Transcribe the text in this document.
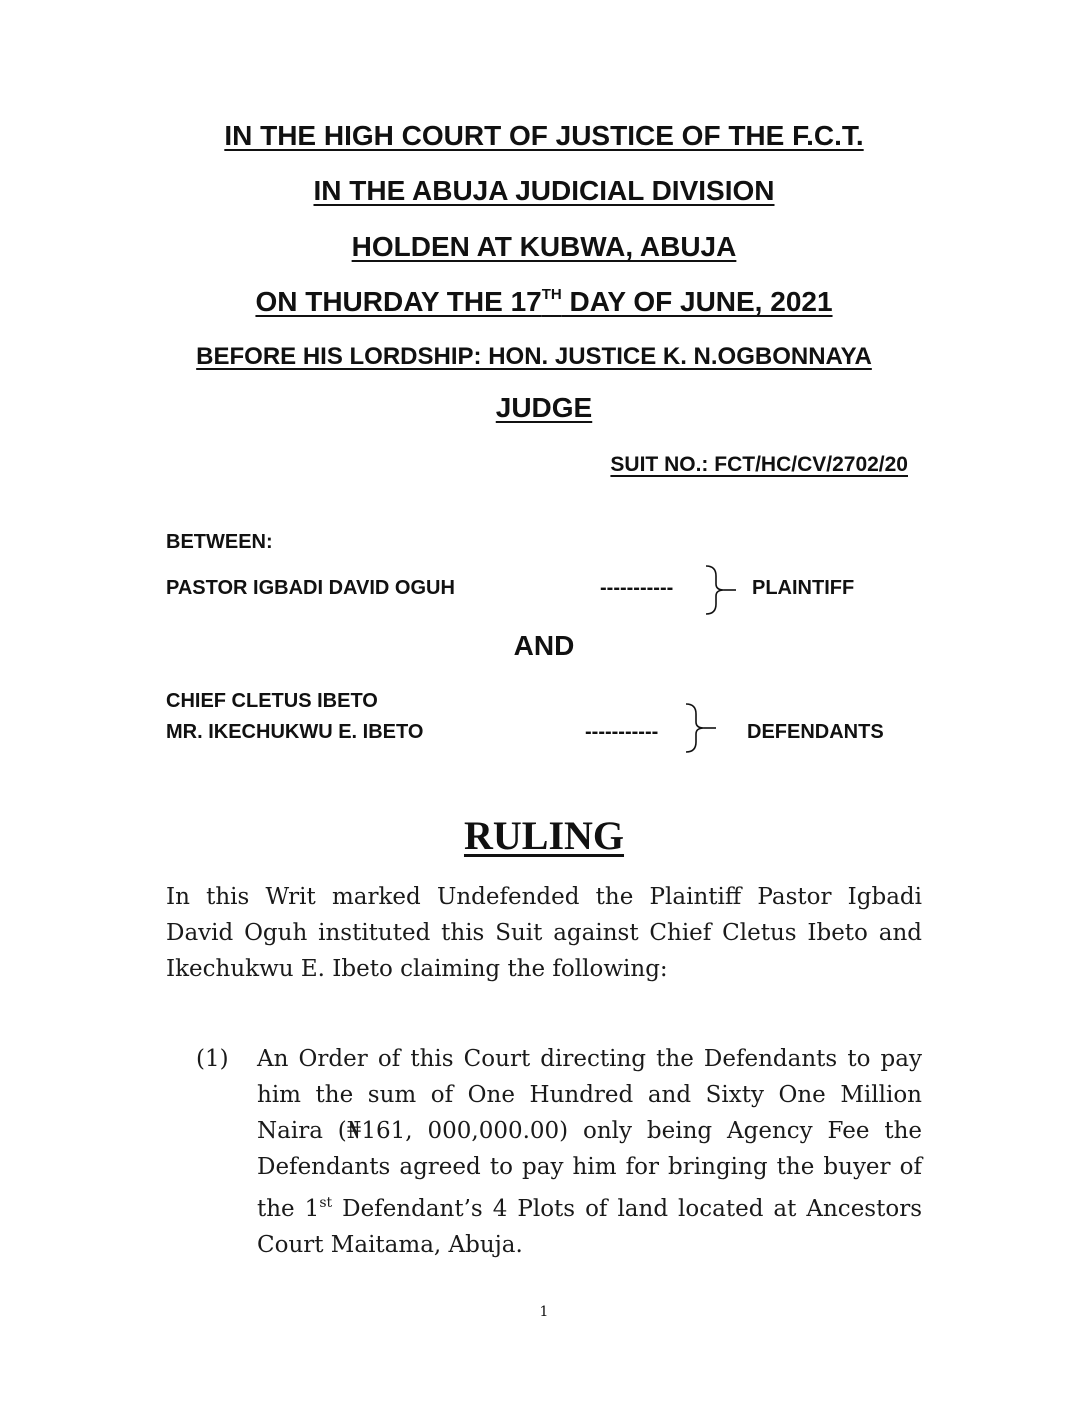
IN THE HIGH COURT OF JUSTICE OF THE F.C.T.
IN THE ABUJA JUDICIAL DIVISION
HOLDEN AT KUBWA, ABUJA
ON THURDAY THE 17TH DAY OF JUNE, 2021
BEFORE HIS LORDSHIP: HON. JUSTICE K. N.OGBONNAYA
JUDGE
SUIT NO.: FCT/HC/CV/2702/20
BETWEEN:
PASTOR IGBADI DAVID OGUH	-----------	PLAINTIFF
AND
CHIEF CLETUS IBETO
MR. IKECHUKWU E. IBETO	-----------	DEFENDANTS
RULING
In this Writ marked Undefended the Plaintiff Pastor Igbadi David Oguh instituted this Suit against Chief Cletus Ibeto and Ikechukwu E. Ibeto claiming the following:
(1) An Order of this Court directing the Defendants to pay him the sum of One Hundred and Sixty One Million Naira (₦161, 000,000.00) only being Agency Fee the Defendants agreed to pay him for bringing the buyer of the 1st Defendant’s 4 Plots of land located at Ancestors Court Maitama, Abuja.
1
